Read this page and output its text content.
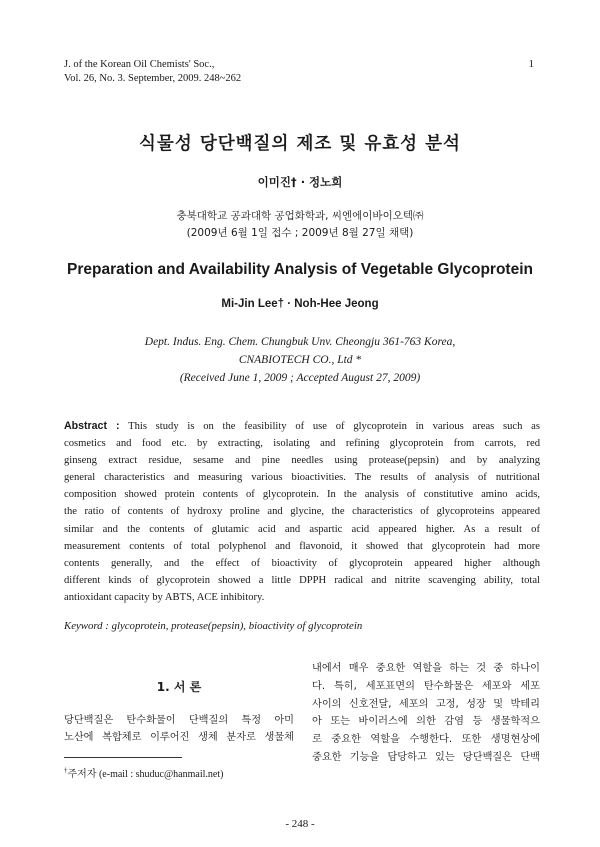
J. of the Korean Oil Chemists' Soc.,
Vol. 26, No. 3. September, 2009. 248~262
1
식물성 당단백질의 제조 및 유효성 분석
이미진† · 정노희
충북대학교 공과대학 공업화학과, 씨엔에이바이오텍㈜
(2009년 6월 1일 접수 ; 2009년 8월 27일 채택)
Preparation and Availability Analysis of Vegetable Glycoprotein
Mi-Jin Lee† · Noh-Hee Jeong
Dept. Indus. Eng. Chem. Chungbuk Unv. Cheongju 361-763 Korea,
CNABIOTECH CO., Ltd *
(Received June 1, 2009 ; Accepted August 27, 2009)
Abstract : This study is on the feasibility of use of glycoprotein in various areas such as
cosmetics and food etc. by extracting, isolating and refining glycoprotein from carrots, red
ginseng extract residue, sesame and pine needles using protease(pepsin) and by analyzing
general characteristics and measuring various bioactivities. The results of analysis of nutritional
composition showed protein contents of glycoprotein. In the analysis of constitutive amino acids,
the ratio of contents of hydroxy proline and glycine, the characteristics of glycoproteins appeared
similar and the contents of glutamic acid and aspartic acid appeared higher. As a result of
measurement contents of total polyphenol and flavonoid, it showed that glycoprotein had more
contents generally, and the effect of bioactivity of glycoprotein appeared higher although
different kinds of glycoprotein showed a little DPPH radical and nitrite scavenging ability, total
antioxidant capacity by ABTS, ACE inhibitory.
Keyword : glycoprotein, protease(pepsin), bioactivity of glycoprotein
1. 서 론
당단백질은 탄수화물이 단백질의 특정 아미
노산에 복합체로 이루어진 생체 분자로 생물체
내에서 매우 중요한 역할을 하는 것 중 하나이
다. 특히, 세포표면의 탄수화물은 세포와 세포
사이의 신호전달, 세포의 고정, 성장 및 박테리
아 또는 바이러스에 의한 감염 등 생물학적으
로 중요한 역할을 수행한다. 또한 생명현상에
중요한 기능을 담당하고 있는 당단백질은 단백
†주저자 (e-mail : shuduc@hanmail.net)
- 248 -
